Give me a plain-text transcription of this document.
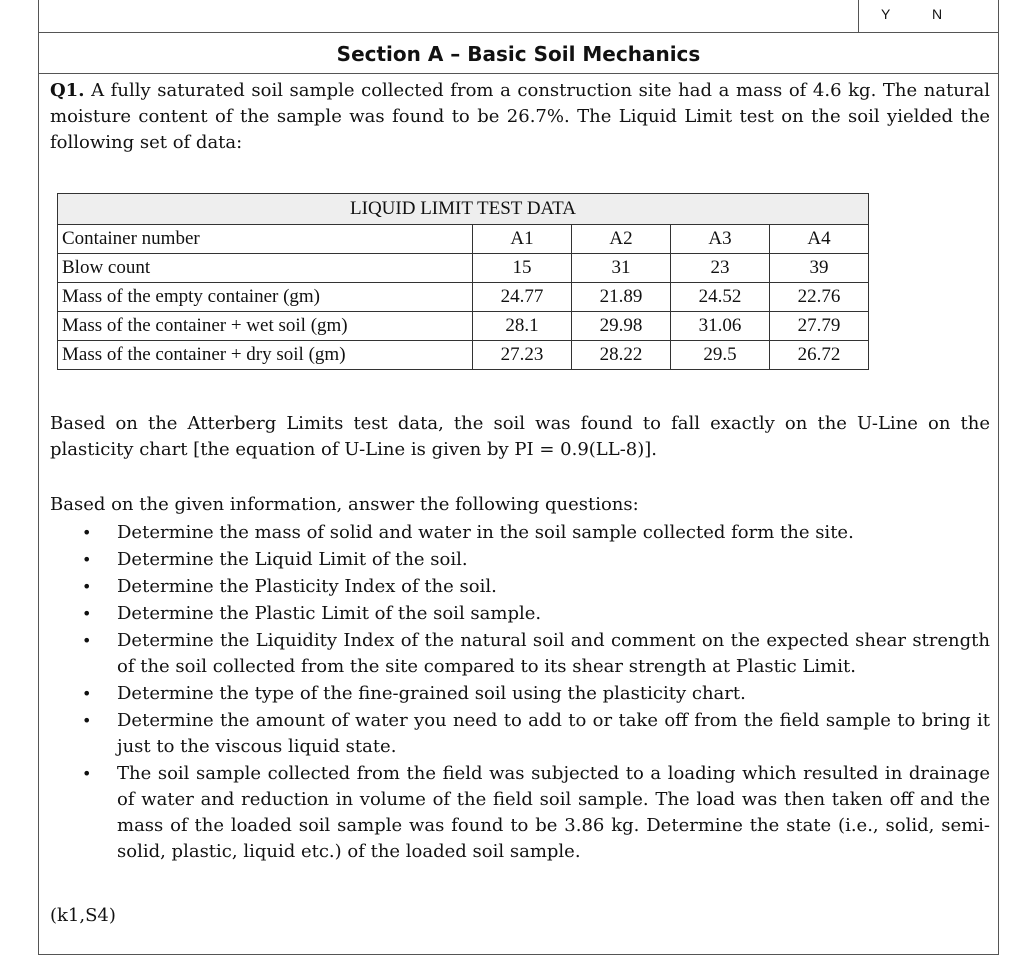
Y	N
Section A – Basic Soil Mechanics

Q1. A fully saturated soil sample collected from a construction site had a mass of 4.6 kg. The natural moisture content of the sample was found to be 26.7%. The Liquid Limit test on the soil yielded the following set of data:

LIQUID LIMIT TEST DATA				
Container number	A1	A2	A3	A4
Blow count	15	31	23	39
Mass of the empty container (gm)	24.77	21.89	24.52	22.76
Mass of the container + wet soil (gm)	28.1	29.98	31.06	27.79
Mass of the container + dry soil (gm)	27.23	28.22	29.5	26.72

Based on the Atterberg Limits test data, the soil was found to fall exactly on the U-Line on the plasticity chart [the equation of U-Line is given by PI = 0.9(LL-8)].

Based on the given information, answer the following questions:

• Determine the mass of solid and water in the soil sample collected form the site.
• Determine the Liquid Limit of the soil.
• Determine the Plasticity Index of the soil.
• Determine the Plastic Limit of the soil sample.
• Determine the Liquidity Index of the natural soil and comment on the expected shear strength of the soil collected from the site compared to its shear strength at Plastic Limit.
• Determine the type of the fine-grained soil using the plasticity chart.
• Determine the amount of water you need to add to or take off from the field sample to bring it just to the viscous liquid state.
• The soil sample collected from the field was subjected to a loading which resulted in drainage of water and reduction in volume of the field soil sample. The load was then taken off and the mass of the loaded soil sample was found to be 3.86 kg. Determine the state (i.e., solid, semi-solid, plastic, liquid etc.) of the loaded soil sample.

(k1,S4)
